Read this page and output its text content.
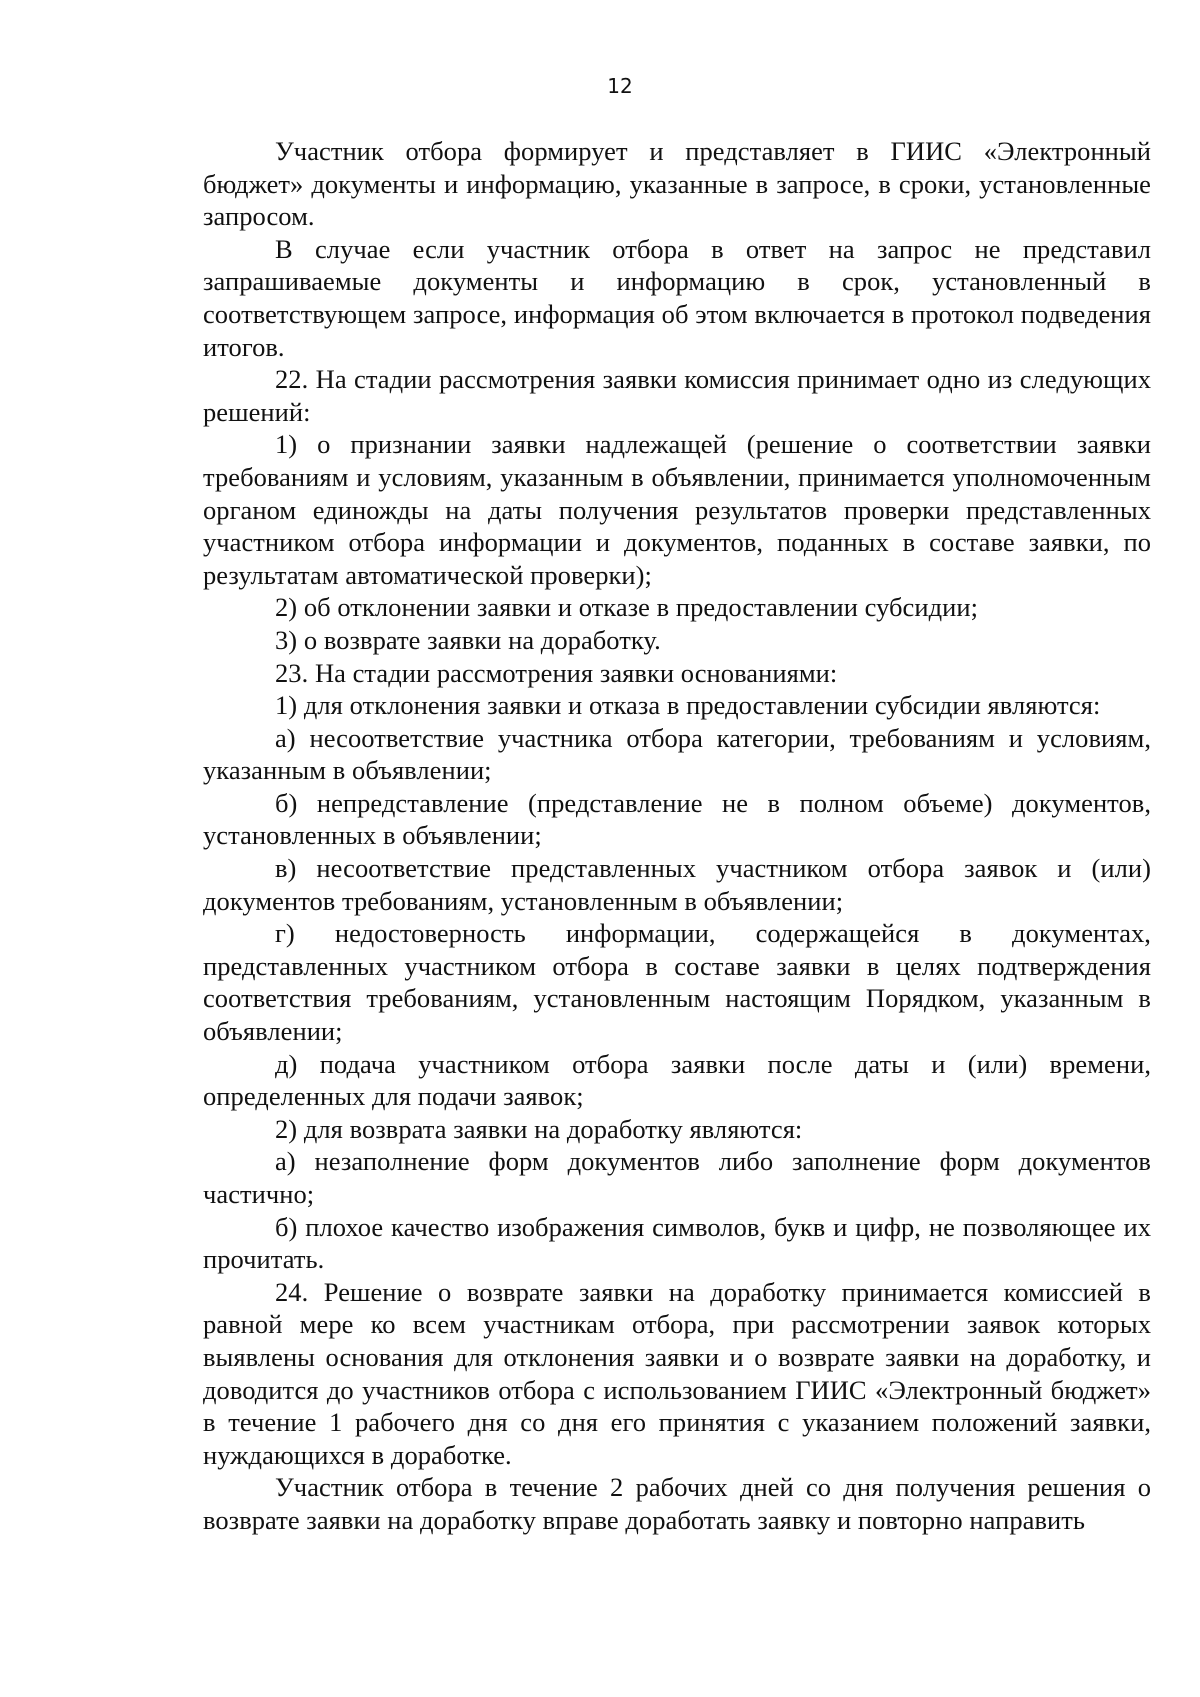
12

Участник отбора формирует и представляет в ГИИС «Электронный бюджет» документы и информацию, указанные в запросе, в сроки, установленные запросом.

В случае если участник отбора в ответ на запрос не представил запрашиваемые документы и информацию в срок, установленный в соответствующем запросе, информация об этом включается в протокол подведения итогов.

22. На стадии рассмотрения заявки комиссия принимает одно из следующих решений:

1) о признании заявки надлежащей (решение о соответствии заявки требованиям и условиям, указанным в объявлении, принимается уполномоченным органом единожды на даты получения результатов проверки представленных участником отбора информации и документов, поданных в составе заявки, по результатам автоматической проверки);

2) об отклонении заявки и отказе в предоставлении субсидии;

3) о возврате заявки на доработку.

23. На стадии рассмотрения заявки основаниями:

1) для отклонения заявки и отказа в предоставлении субсидии являются:

а) несоответствие участника отбора категории, требованиям и условиям, указанным в объявлении;

б) непредставление (представление не в полном объеме) документов, установленных в объявлении;

в) несоответствие представленных участником отбора заявок и (или) документов требованиям, установленным в объявлении;

г) недостоверность информации, содержащейся в документах, представленных участником отбора в составе заявки в целях подтверждения соответствия требованиям, установленным настоящим Порядком, указанным в объявлении;

д) подача участником отбора заявки после даты и (или) времени, определенных для подачи заявок;

2) для возврата заявки на доработку являются:

а) незаполнение форм документов либо заполнение форм документов частично;

б) плохое качество изображения символов, букв и цифр, не позволяющее их прочитать.

24. Решение о возврате заявки на доработку принимается комиссией в равной мере ко всем участникам отбора, при рассмотрении заявок которых выявлены основания для отклонения заявки и о возврате заявки на доработку, и доводится до участников отбора с использованием ГИИС «Электронный бюджет» в течение 1 рабочего дня со дня его принятия с указанием положений заявки, нуждающихся в доработке.

Участник отбора в течение 2 рабочих дней со дня получения решения о возврате заявки на доработку вправе доработать заявку и повторно направить
